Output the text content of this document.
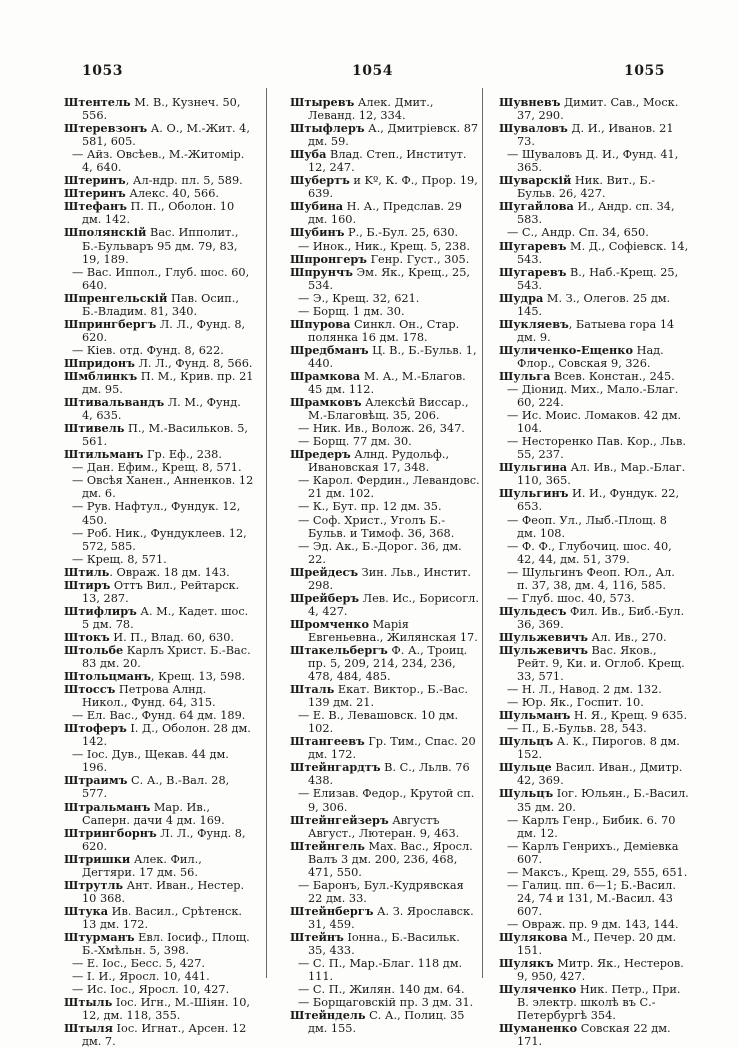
1053	1054	1055

Штентель М. В., Кузнеч. 50, 556.

Штеревзонъ А. О., М.-Жит. 4, 581, 605.

— Айз. Овсѣев., М.-Житомір. 4, 640.

Штеринъ, Ал-ндр. пл. 5, 589.

Штеринъ Алекс. 40, 566.

Штефанъ П. П., Оболон. 10 дм. 142.

Шполянскій Вас. Ипполит., Б.-Бульваръ 95 дм. 79, 83, 19, 189.

— Вас. Иппол., Глуб. шос. 60, 640.

Шпренгельскій Пав. Осип., Б.-Владим. 81, 340.

Шпрингбергъ Л. Л., Фунд. 8, 620.

— Кіев. отд. Фунд. 8, 622.

Шпридонъ Л. Л., Фунд. 8, 566.

Шмблинкъ П. М., Крив. пр. 21 дм. 95.

Штивальвандъ Л. М., Фунд. 4, 635.

Штивель П., М.-Васильков. 5, 561.

Штильманъ Гр. Еф., 238.

— Дан. Ефим., Крещ. 8, 571.

— Овсѣя Ханен., Анненков. 12 дм. 6.

— Рув. Нафтул., Фундук. 12, 450.

— Роб. Ник., Фундуклеев. 12, 572, 585.

— Крещ. 8, 571.

Штиль. Овраж. 18 дм. 143.

Штиръ Оттъ Вил., Рейтарск. 13, 287.

Штифлиръ А. М., Кадет. шос. 5 дм. 78.

Штокъ И. П., Влад. 60, 630.

Штольбе Карлъ Христ. Б.-Вас. 83 дм. 20.

Штольцманъ, Крещ. 13, 598.

Штоссъ Петрова Алнд. Никол., Фунд. 64, 315.

— Ел. Вас., Фунд. 64 дм. 189.

Штоферъ І. Д., Оболон. 28 дм. 142.

— Іос. Дув., Щекав. 44 дм. 196.

Штраимъ С. А., В.-Вал. 28, 577.

Штральманъ Мар. Ив., Саперн. дачи 4 дм. 169.

Штрингборнъ Л. Л., Фунд. 8, 620.

Штришки Алек. Фил., Дегтяри. 17 дм. 56.

Штрутль Ант. Иван., Нестер. 10 368.

Штука Ив. Васил., Срѣтенск. 13 дм. 172.

Штурманъ Евл. Іосиф., Площ. Б.-Хмѣльн. 5, 398.

— Е. Іос., Бесс. 5, 427.

— І. И., Яросл. 10, 441.

— Ис. Іос., Яросл. 10, 427.

Штыль Іос. Игн., М.-Шіян. 10, 12, дм. 118, 355.

Штыля Іос. Игнат., Арсен. 12 дм. 7.

Штыревъ Алек. Дмит., Леванд. 12, 334.

Штыфлеръ А., Дмитріевск. 87 дм. 59.

Шуба Влад. Степ., Институт. 12, 247.

Шубертъ и Kº, К. Ф., Прор. 19, 639.

Шубина Н. А., Предслав. 29 дм. 160.

Шубинъ Р., Б.-Бул. 25, 630.

— Инок., Ник., Крещ. 5, 238.

Шпронгеръ Генр. Густ., 305.

Шпрунчъ Эм. Як., Крещ., 25, 534.

— Э., Крещ. 32, 621.

— Борщ. 1 дм. 30.

Шпурова Синкл. Он., Стар. полянка 16 дм. 178.

Шредбманъ Ц. В., Б.-Бульв. 1, 440.

Шрамкова М. А., М.-Благов. 45 дм. 112.

Шрамковъ Алексѣй Виссар., М.-Благовѣщ. 35, 206.

— Ник. Ив., Волож. 26, 347.

— Борщ. 77 дм. 30.

Шредеръ Алнд. Рудольф., Ивановская 17, 348.

— Карол. Фердин., Левандовс. 21 дм. 102.

— К., Бут. пр. 12 дм. 35.

— Соф. Христ., Уголъ Б.-Бульв. и Тимоф. 36, 368.

— Эд. Ак., Б.-Дорог. 36, дм. 22.

Шрейдесъ Зин. Льв., Инстит. 298.

Шрейберъ Лев. Ис., Борисогл. 4, 427.

Шромченко Марія Евгеньевна., Жилянская 17.

Штакельбергъ Ф. А., Троиц. пр. 5, 209, 214, 234, 236, 478, 484, 485.

Шталь Екат. Виктор., Б.-Вас. 139 дм. 21.

— Е. В., Левашовск. 10 дм. 102.

Штангеевъ Гр. Тим., Спас. 20 дм. 172.

Штейнгардтъ В. С., Льлв. 76 438.

— Елизав. Федор., Крутой сп. 9, 306.

Штейнгейзеръ Августъ Август., Лютеран. 9, 463.

Штейнгель Мах. Вас., Яросл. Валъ 3 дм. 200, 236, 468, 471, 550.

— Баронъ, Бул.-Кудрявская 22 дм. 33.

Штейнбергъ А. З. Ярославск. 31, 459.

Штейнъ Іонна., Б.-Васильк. 35, 433.

— С. П., Мар.-Благ. 118 дм. 111.

— С. П., Жилян. 140 дм. 64.

— Борщаговскій пр. 3 дм. 31.

Штейндель С. А., Полиц. 35 дм. 155.

Шувневъ Димит. Сав., Моск. 37, 290.

Шуваловъ Д. И., Иванов. 21 73.

— Шуваловъ Д. И., Фунд. 41, 365.

Шуварскій Ник. Вит., Б.-Бульв. 26, 427.

Шугайлова И., Андр. сп. 34, 583.

— С., Андр. Сп. 34, 650.

Шугаревъ М. Д., Софіевск. 14, 543.

Шугаревъ В., Наб.-Крещ. 25, 543.

Шудра М. З., Олегов. 25 дм. 145.

Шукляевъ, Батыева гора 14 дм. 9.

Шуличенко-Ещенко Над. Флор., Совская 9, 326.

Шульга Всев. Констан., 245.

— Діонид. Мих., Мало.-Благ. 60, 224.

— Ис. Моис. Ломаков. 42 дм. 104.

— Несторенко Пав. Кор., Льв. 55, 237.

Шульгина Ал. Ив., Мар.-Благ. 110, 365.

Шульгинъ И. И., Фундук. 22, 653.

— Феоп. Ул., Лыб.-Площ. 8 дм. 108.

— Ф. Ф., Глубочиц. шос. 40, 42, 44, дм. 51, 379.

— Шульгинъ Феоп. Юл., Ал. п. 37, 38, дм. 4, 116, 585.

— Глуб. шос. 40, 573.

Шульдесъ Фил. Ив., Биб.-Бул. 36, 369.

Шульжевичъ Ал. Ив., 270.

Шульжевичъ Вас. Яков., Рейт. 9, Ки. и. Оглоб. Крещ. 33, 571.

— Н. Л., Навод. 2 дм. 132.

— Юр. Як., Госпит. 10.

Шульманъ Н. Я., Крещ. 9 635.

— П., Б.-Бульв. 28, 543.

Шульцъ А. К., Пирогов. 8 дм. 152.

Шульце Васил. Иван., Дмитр. 42, 369.

Шульцъ Іог. Юльян., Б.-Васил. 35 дм. 20.

— Карлъ Генр., Бибик. 6. 70 дм. 12.

— Карлъ Генрихъ., Деміевка 607.

— Максъ., Крещ. 29, 555, 651.

— Галиц. пп. 6—1; Б.-Васил. 24, 74 и 131, М.-Васил. 43 607.

— Овраж. пр. 9 дм. 143, 144.

Шулякова М., Печер. 20 дм. 151.

Шулякъ Митр. Як., Нестеров. 9, 950, 427.

Шуляченко Ник. Петр., При. В. электр. школѣ въ С.-Петербургѣ 354.

Шуманенко Совская 22 дм. 171.
